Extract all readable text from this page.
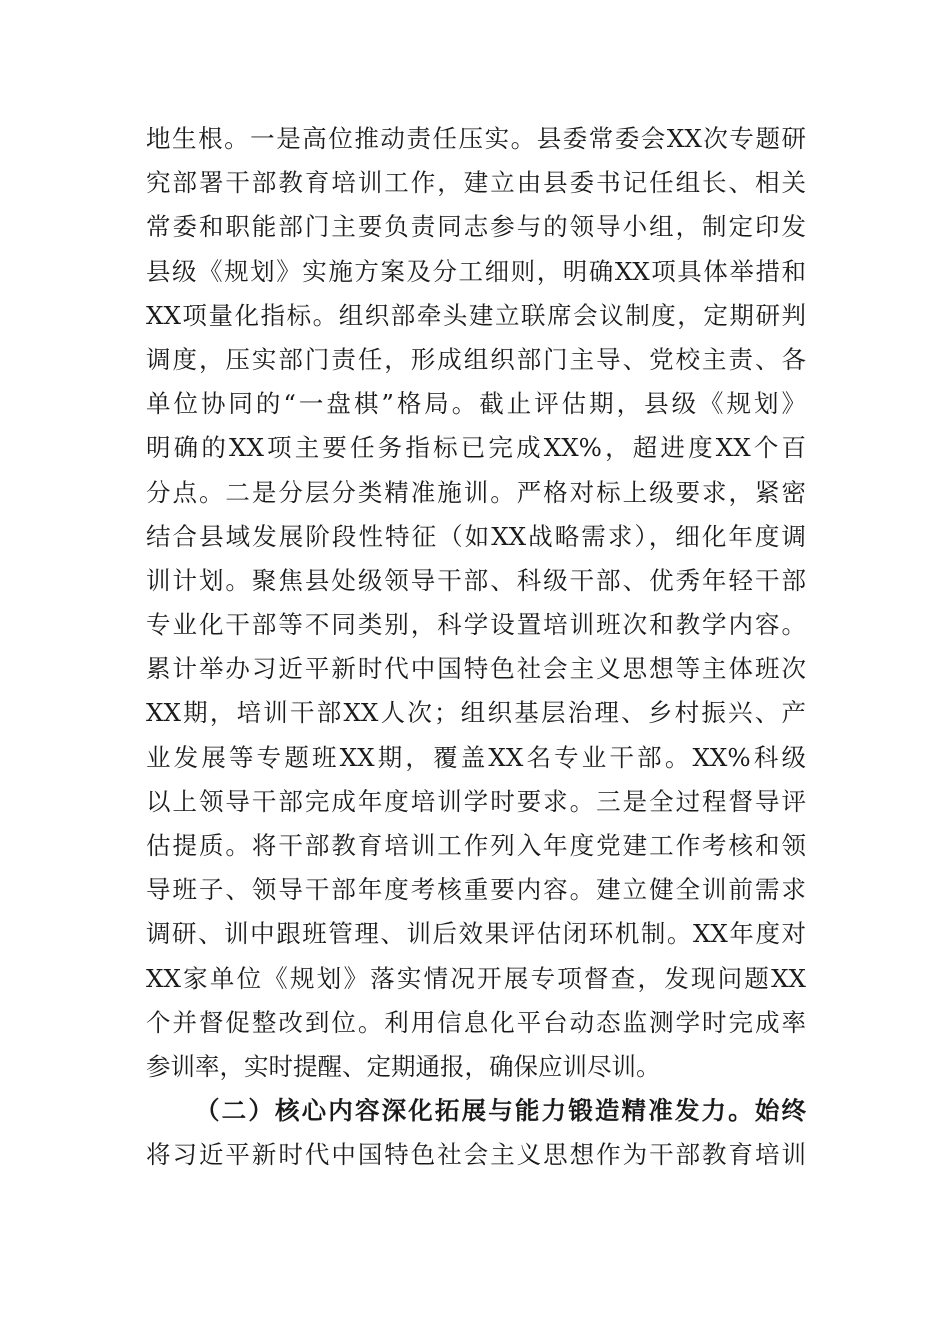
地生根。一是高位推动责任压实。县委常委会XX次专题研
究部署干部教育培训工作，建立由县委书记任组长、相关
常委和职能部门主要负责同志参与的领导小组，制定印发
县级《规划》实施方案及分工细则，明确XX项具体举措和
XX项量化指标。组织部牵头建立联席会议制度，定期研判
调度，压实部门责任，形成组织部门主导、党校主责、各
单位协同的“一盘棋”格局。截止评估期，县级《规划》
明确的XX项主要任务指标已完成XX%，超进度XX个百
分点。二是分层分类精准施训。严格对标上级要求，紧密
结合县域发展阶段性特征（如XX战略需求），细化年度调
训计划。聚焦县处级领导干部、科级干部、优秀年轻干部
专业化干部等不同类别，科学设置培训班次和教学内容。
累计举办习近平新时代中国特色社会主义思想等主体班次
XX期，培训干部XX人次；组织基层治理、乡村振兴、产
业发展等专题班XX期，覆盖XX名专业干部。XX%科级
以上领导干部完成年度培训学时要求。三是全过程督导评
估提质。将干部教育培训工作列入年度党建工作考核和领
导班子、领导干部年度考核重要内容。建立健全训前需求
调研、训中跟班管理、训后效果评估闭环机制。XX年度对
XX家单位《规划》落实情况开展专项督查，发现问题XX
个并督促整改到位。利用信息化平台动态监测学时完成率
参训率，实时提醒、定期通报，确保应训尽训。
（二）核心内容深化拓展与能力锻造精准发力。始终
将习近平新时代中国特色社会主义思想作为干部教育培训
